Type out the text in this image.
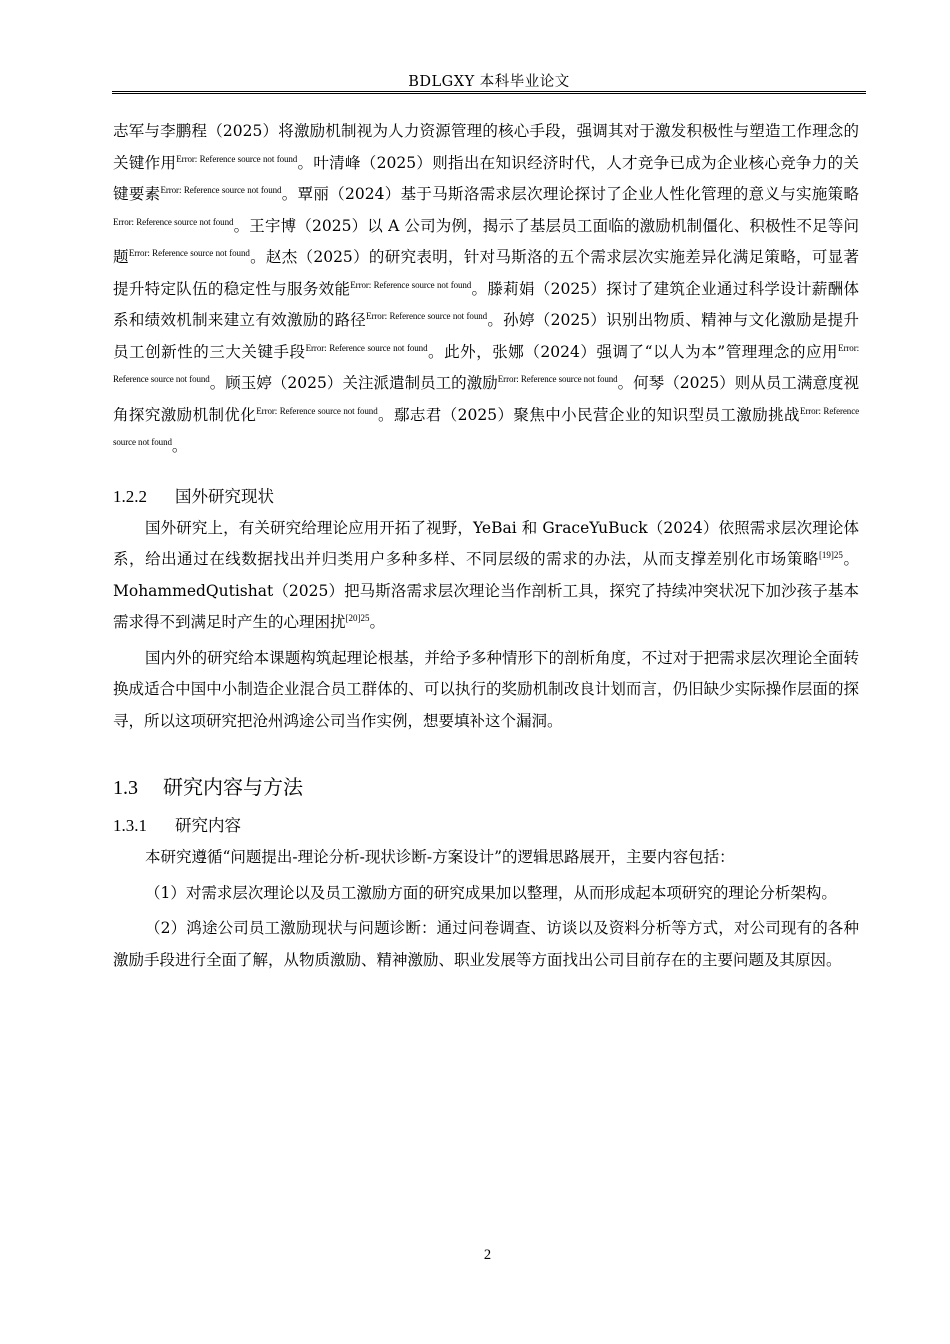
BDLGXY 本科毕业论文

志军与李鹏程（2025）将激励机制视为人力资源管理的核心手段，强调其对于激发积极性与塑造工作理念的关键作用$^{Error: Reference source not found}$。叶清峰（2025）则指出在知识经济时代，人才竞争已成为企业核心竞争力的关键要素$^{Error: Reference source not found}$。覃丽（2024）基于马斯洛需求层次理论探讨了企业人性化管理的意义与实施策略$^{Error: Reference source not found}$。王宇博（2025）以 A 公司为例，揭示了基层员工面临的激励机制僵化、积极性不足等问题$^{Error: Reference source not found}$。赵杰（2025）的研究表明，针对马斯洛的五个需求层次实施差异化满足策略，可显著提升特定队伍的稳定性与服务效能$^{Error: Reference source not found}$。滕莉娟（2025）探讨了建筑企业通过科学设计薪酬体系和绩效机制来建立有效激励的路径$^{Error: Reference source not found}$。孙婷（2025）识别出物质、精神与文化激励是提升员工创新性的三大关键手段$^{Error: Reference source not found}$。此外，张娜（2024）强调了“以人为本”管理理念的应用$^{Error: Reference source not found}$。顾玉婷（2025）关注派遣制员工的激励$^{Error: Reference source not found}$。何琴（2025）则从员工满意度视角探究激励机制优化$^{Error: Reference source not found}$。鄢志君（2025）聚焦中小民营企业的知识型员工激励挑战$^{Error: Reference source not found}$。

1.2.2 国外研究现状

国外研究上，有关研究给理论应用开拓了视野，YeBai 和 GraceYuBuck（2024）依照需求层次理论体系，给出通过在线数据找出并归类用户多种多样、不同层级的需求的办法，从而支撑差别化市场策略$^{[19]25}$。MohammedQutishat（2025）把马斯洛需求层次理论当作剖析工具，探究了持续冲突状况下加沙孩子基本需求得不到满足时产生的心理困扰$^{[20]25}$。

国内外的研究给本课题构筑起理论根基，并给予多种情形下的剖析角度，不过对于把需求层次理论全面转换成适合中国中小制造企业混合员工群体的、可以执行的奖励机制改良计划而言，仍旧缺少实际操作层面的探寻，所以这项研究把沧州鸿途公司当作实例，想要填补这个漏洞。

1.3 研究内容与方法
1.3.1 研究内容

本研究遵循“问题提出-理论分析-现状诊断-方案设计”的逻辑思路展开，主要内容包括：

（1）对需求层次理论以及员工激励方面的研究成果加以整理，从而形成起本项研究的理论分析架构。

（2）鸿途公司员工激励现状与问题诊断：通过问卷调查、访谈以及资料分析等方式，对公司现有的各种激励手段进行全面了解，从物质激励、精神激励、职业发展等方面找出公司目前存在的主要问题及其原因。

2
